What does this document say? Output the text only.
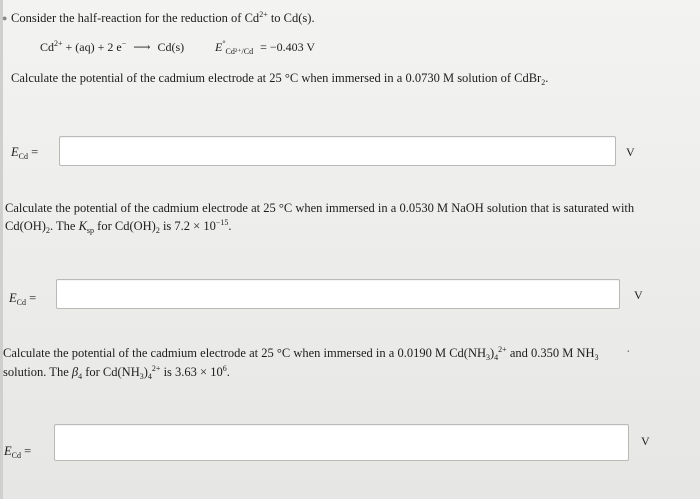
● Consider the half-reaction for the reduction of $Cd^{2+}$ to Cd(s).
$Cd^{2+} + (aq) + 2$ e− ⟶ Cd(s)	$E^\circ_{Cd^{2+}/Cd} = -0.403$ V
Calculate the potential of the cadmium electrode at 25 °C when immersed in a 0.0730 M solution of CdBr$_2$.
$E_{Cd}$ =	V
Calculate the potential of the cadmium electrode at 25 °C when immersed in a 0.0530 M NaOH solution that is saturated with
$Cd(OH)_2$. The $K_{sp}$ for $Cd(OH)_2$ is $7.2 \times 10^{-15}$.
$E_{Cd}$ =	V
Calculate the potential of the cadmium electrode at 25 °C when immersed in a 0.0190 M $Cd(NH_3)_4^{2+}$ and 0.350 M $NH_3$
solution. The $\beta_4$ for $Cd(NH_3)_4^{2+}$ is $3.63 \times 10^6$.
·
$E_{Cd}$ =
V
